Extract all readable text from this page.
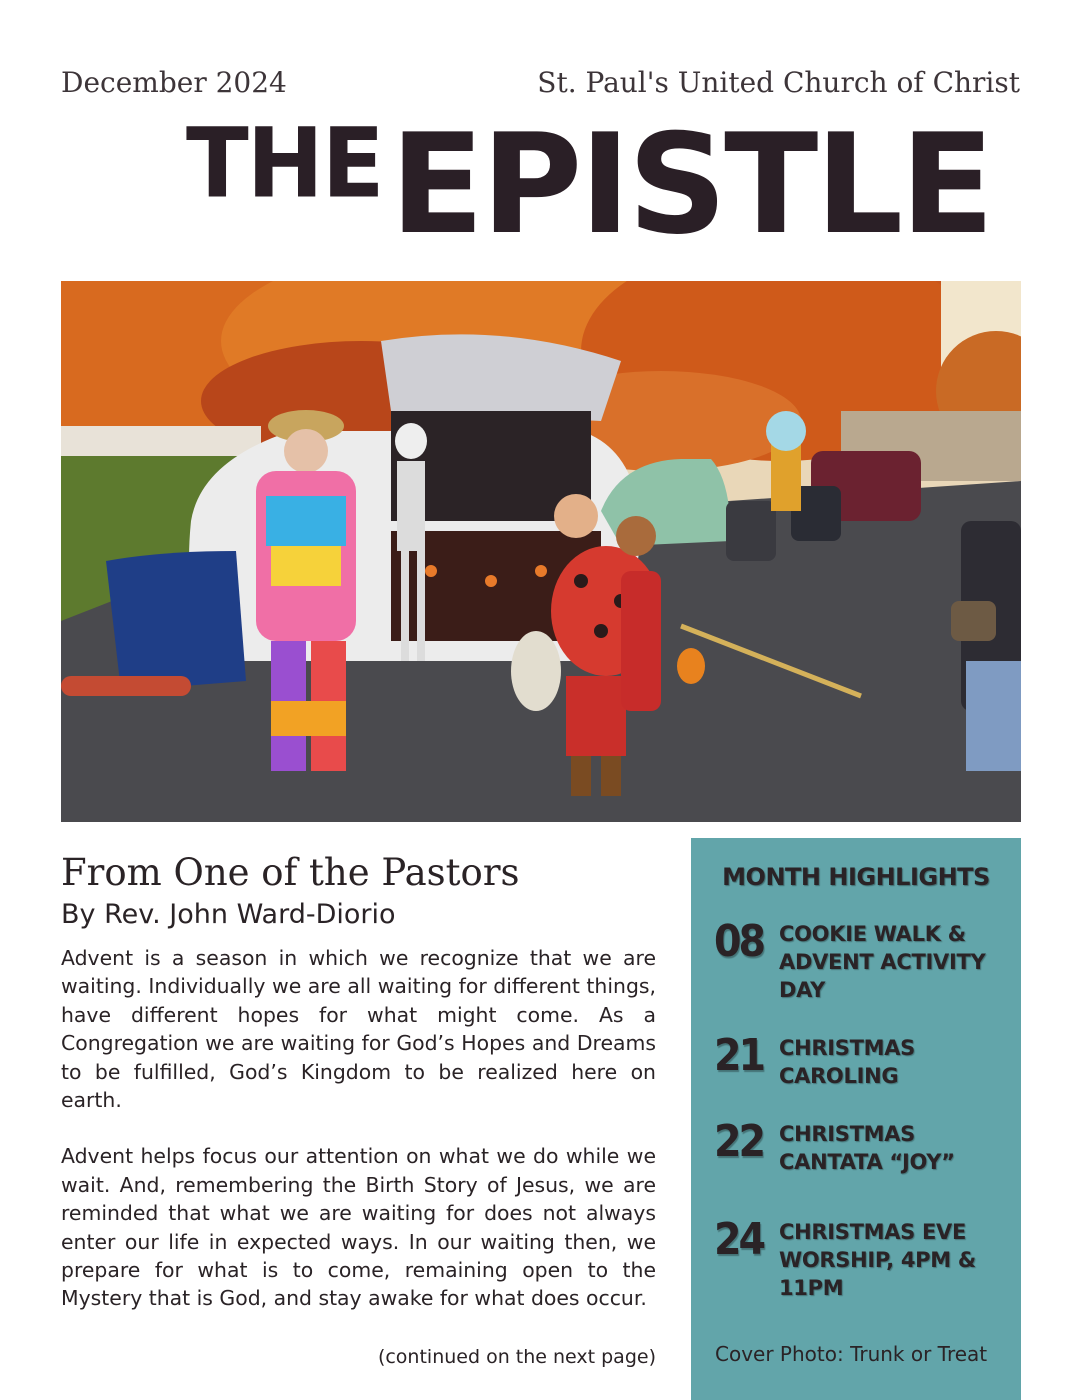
December 2024	St. Paul's United Church of Christ
THE EPISTLE
From One of the Pastors
By Rev. John Ward-Diorio

Advent is a season in which we recognize that we are waiting. Individually we are all waiting for different things, have different hopes for what might come. As a Congregation we are waiting for God’s Hopes and Dreams to be fulfilled, God’s Kingdom to be realized here on earth.

Advent helps focus our attention on what we do while we wait. And, remembering the Birth Story of Jesus, we are reminded that what we are waiting for does not always enter our life in expected ways. In our waiting then, we prepare for what is to come, remaining open to the Mystery that is God, and stay awake for what does occur.

(continued on the next page)
MONTH HIGHLIGHTS
08 COOKIE WALK & ADVENT ACTIVITY DAY
21 CHRISTMAS CAROLING
22 CHRISTMAS CANTATA “JOY”
24 CHRISTMAS EVE WORSHIP, 4PM & 11PM
Cover Photo: Trunk or Treat
